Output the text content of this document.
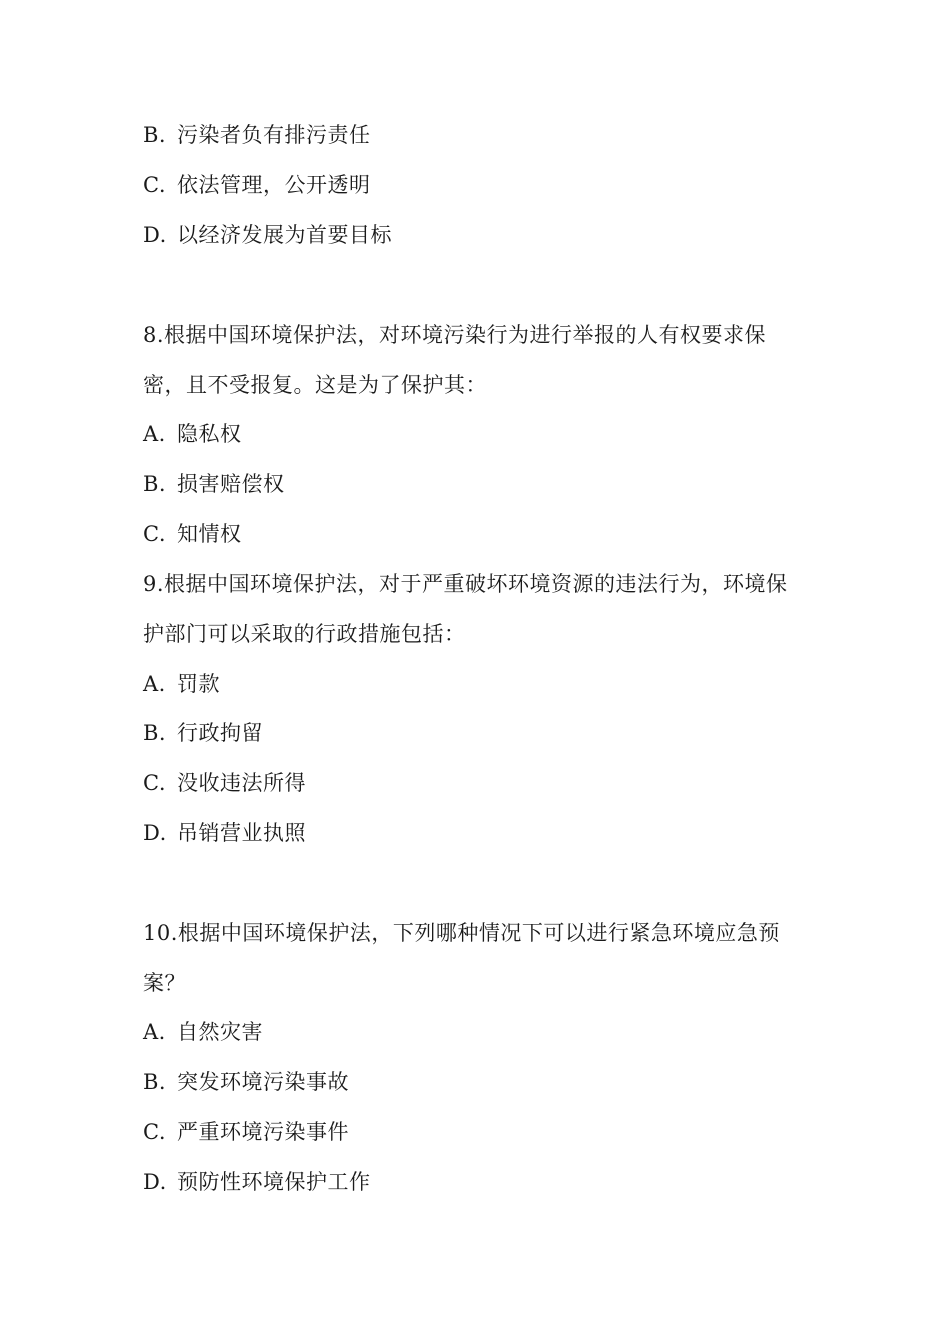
B. 污染者负有排污责任
C. 依法管理，公开透明
D. 以经济发展为首要目标
8.根据中国环境保护法，对环境污染行为进行举报的人有权要求保
密，且不受报复。这是为了保护其：
A. 隐私权
B. 损害赔偿权
C. 知情权
9.根据中国环境保护法，对于严重破坏环境资源的违法行为，环境保
护部门可以采取的行政措施包括：
A. 罚款
B. 行政拘留
C. 没收违法所得
D. 吊销营业执照
10.根据中国环境保护法，下列哪种情况下可以进行紧急环境应急预
案？
A. 自然灾害
B. 突发环境污染事故
C. 严重环境污染事件
D. 预防性环境保护工作
